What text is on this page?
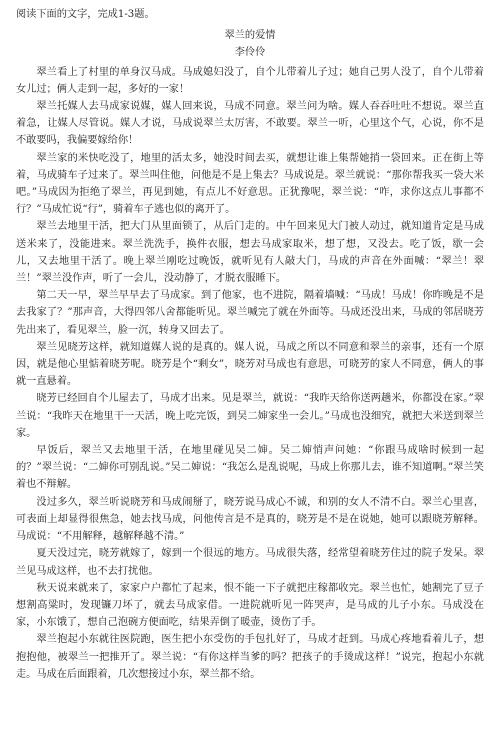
阅读下面的文字，完成1-3题。

翠兰的爱情

李伶伶

翠兰看上了村里的单身汉马成。马成媳妇没了，自个儿带着儿子过；她自己男人没了，自个儿带着女儿过；俩人走到一起，多好的一家！

翠兰托媒人去马成家说媒，媒人回来说，马成不同意。翠兰问为啥。媒人吞吞吐吐不想说。翠兰直着急，让媒人尽管说。媒人才说，马成说翠兰太厉害，不敢要。翠兰一听，心里这个气，心说，你不是不敢要吗，我偏要嫁给你！

翠兰家的米快吃没了，地里的活太多，她没时间去买，就想让谁上集帮她捎一袋回来。正在街上等着，马成骑车子过来了。翠兰叫住他，问他是不是上集去？马成说是。翠兰就说：“那你帮我买一袋大米吧。”马成因为拒绝了翠兰，再见到她，有点儿不好意思。正犹豫呢，翠兰说：“咋，求你这点儿事都不行？”马成忙说“行”，骑着车子逃也似的离开了。

翠兰去地里干活，把大门从里面锁了，从后门走的。中午回来见大门被人动过，就知道肯定是马成送米来了，没能进来。翠兰洗洗手，换件衣服，想去马成家取米，想了想，又没去。吃了饭，歇一会儿，又去地里干活了。晚上翠兰刚吃过晚饭，就听见有人敲大门，马成的声音在外面喊：“翠兰！翠兰！”翠兰没作声，听了一会儿，没动静了，才脱衣服睡下。

第二天一早，翠兰早早去了马成家。到了他家，也不进院，隔着墙喊：“马成！马成！你昨晚是不是去我家了？”那声音，大得四邻八舍都能听见。翠兰喊完了就在外面等。马成还没出来，马成的邻居晓芳先出来了，看见翠兰，脸一沉，转身又回去了。

翠兰见晓芳这样，就知道媒人说的是真的。媒人说，马成之所以不同意和翠兰的亲事，还有一个原因，就是他心里惦着晓芳呢。晓芳是个“剩女”，晓芳对马成也有意思，可晓芳的家人不同意，俩人的事就一直悬着。

晓芳已经回自个儿屋去了，马成才出来。见是翠兰，就说：“我昨天给你送两趟米，你都没在家。”翠兰说：“我昨天在地里干一天活，晚上吃完饭，到吴二婶家坐一会儿。”马成也没细究，就把大米送到翠兰家。

早饭后，翠兰又去地里干活，在地里碰见吴二婶。吴二婶悄声问她：“你跟马成啥时候到一起的？”翠兰说：“二婶你可别乱说。”吴二婶说：“我怎么是乱说呢，马成上你那儿去，谁不知道啊。”翠兰笑着也不辩解。

没过多久，翠兰听说晓芳和马成闹掰了，晓芳说马成心不诚，和别的女人不清不白。翠兰心里喜，可表面上却显得很焦急，她去找马成，问他传言是不是真的，晓芳是不是在说她，她可以跟晓芳解释。马成说：“不用解释，越解释越不清。”

夏天没过完，晓芳就嫁了，嫁到一个很远的地方。马成很失落，经常望着晓芳住过的院子发呆。翠兰见马成这样，也不去打扰他。

秋天说来就来了，家家户户都忙了起来，恨不能一下子就把庄稼都收完。翠兰也忙，她割完了豆子想割高粱时，发现镰刀坏了，就去马成家借。一进院就听见一阵哭声，是马成的儿子小东。马成没在家，小东饿了，想自己泡碗方便面吃，结果弄倒了暖壶，烫伤了手。

翠兰抱起小东就往医院跑，医生把小东受伤的手包扎好了，马成才赶到。马成心疼地看着儿子，想抱抱他，被翠兰一把推开了。翠兰说：“有你这样当爹的吗？把孩子的手烫成这样！”说完，抱起小东就走。马成在后面跟着，几次想接过小东，翠兰都不给。
